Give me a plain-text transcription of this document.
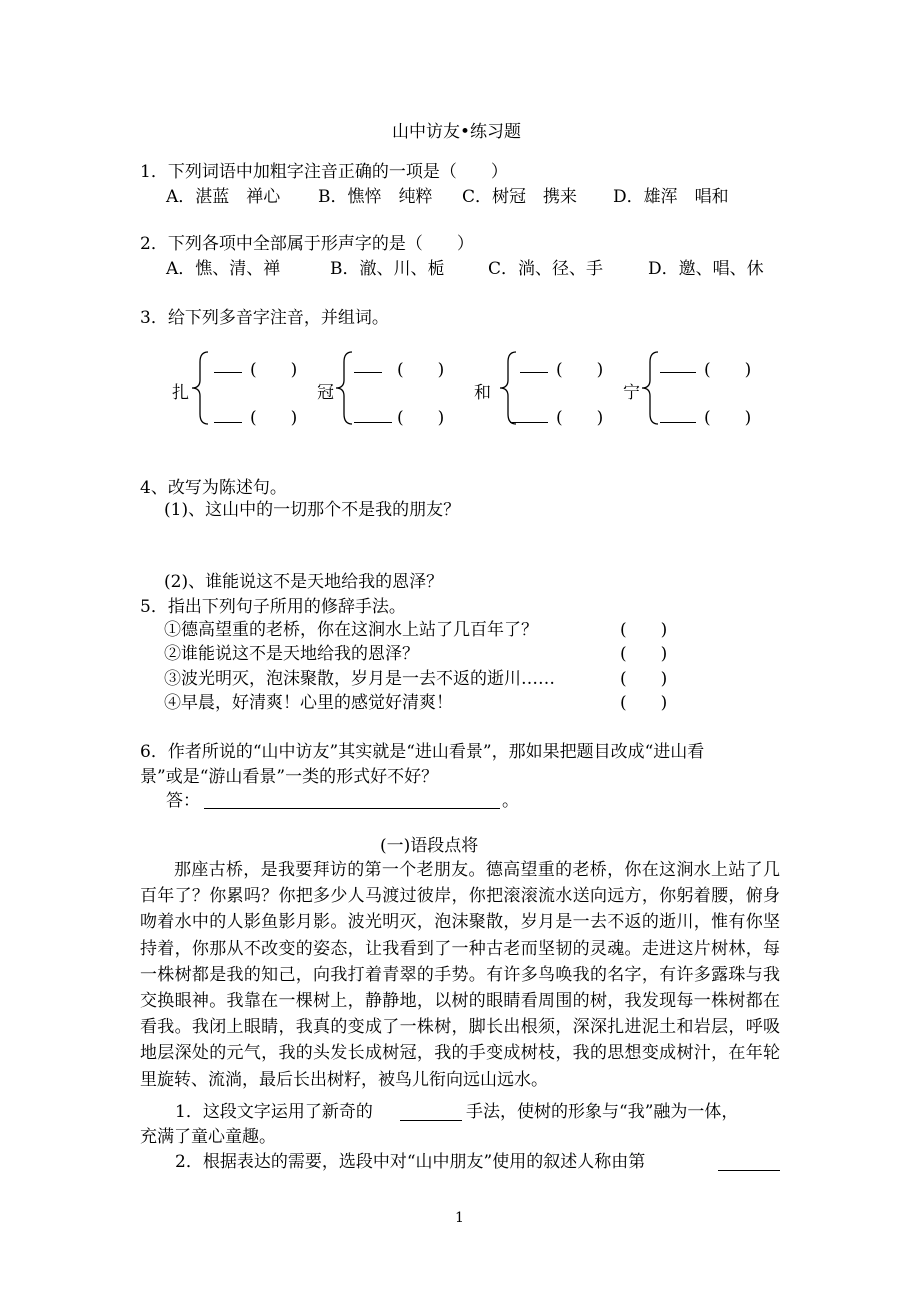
山中访友•练习题
1．下列词语中加粗字注音正确的一项是（　　）
A．湛蓝　禅心 B．憔悴　纯粹 C．树冠　携来 D．雄浑　唱和
2．下列各项中全部属于形声字的是（　　）
A．憔、清、禅	B．澈、川、栀	C．淌、径、手	D．邀、唱、休
3．给下列多音字注音，并组词。
扎
(　　)
(　　)
冠
(　　)
(　　)
和
(　　)
(　　)
宁
(　　)
(　　)
4、改写为陈述句。
(1)、这山中的一切那个不是我的朋友？
(2)、谁能说这不是天地给我的恩泽？
5．指出下列句子所用的修辞手法。
①德高望重的老桥，你在这涧水上站了几百年了？	(　　)
②谁能说这不是天地给我的恩泽？	(　　)
③波光明灭，泡沫聚散，岁月是一去不返的逝川……	(　　)
④早晨，好清爽！心里的感觉好清爽！	(　　)
6．作者所说的“山中访友”其实就是“进山看景”，那如果把题目改成“进山看
景”或是“游山看景”一类的形式好不好？
答：	。
(一)语段点将
那座古桥，是我要拜访的第一个老朋友。德高望重的老桥，你在这涧水上站了几百年了？你累吗？你把多少人马渡过彼岸，你把滚滚流水送向远方，你躬着腰，俯身吻着水中的人影鱼影月影。波光明灭，泡沫聚散，岁月是一去不返的逝川，惟有你坚持着，你那从不改变的姿态，让我看到了一种古老而坚韧的灵魂。走进这片树林，每一株树都是我的知己，向我打着青翠的手势。有许多鸟唤我的名字，有许多露珠与我交换眼神。我靠在一棵树上，静静地，以树的眼睛看周围的树，我发现每一株树都在看我。我闭上眼睛，我真的变成了一株树，脚长出根须，深深扎进泥土和岩层，呼吸地层深处的元气，我的头发长成树冠，我的手变成树枝，我的思想变成树汁，在年轮里旋转、流淌，最后长出树籽，被鸟儿衔向远山远水。
1．这段文字运用了新奇的	手法，使树的形象与“我”融为一体，
充满了童心童趣。
2．根据表达的需要，选段中对“山中朋友”使用的叙述人称由第
1
